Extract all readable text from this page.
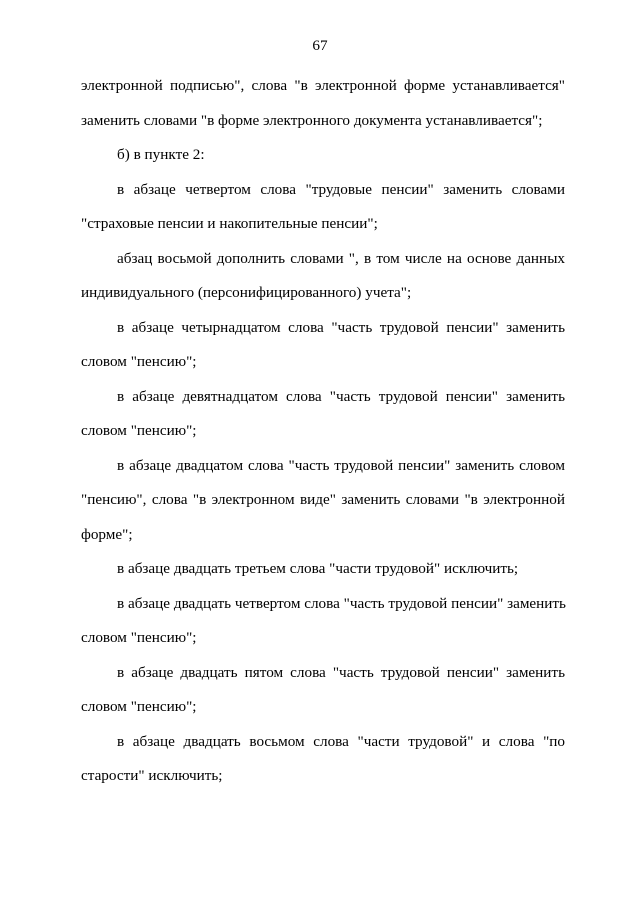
67
электронной подписью", слова "в электронной форме устанавливается"
заменить словами "в форме электронного документа устанавливается";
б) в пункте 2:
в абзаце четвертом слова "трудовые пенсии" заменить словами
"страховые пенсии и накопительные пенсии";
абзац восьмой дополнить словами ", в том числе на основе данных
индивидуального (персонифицированного) учета";
в абзаце четырнадцатом слова "часть трудовой пенсии" заменить
словом "пенсию";
в абзаце девятнадцатом слова "часть трудовой пенсии" заменить
словом "пенсию";
в абзаце двадцатом слова "часть трудовой пенсии" заменить словом
"пенсию", слова "в электронном виде" заменить словами "в электронной
форме";
в абзаце двадцать третьем слова "части трудовой" исключить;
в абзаце двадцать четвертом слова "часть трудовой пенсии" заменить
словом "пенсию";
в абзаце двадцать пятом слова "часть трудовой пенсии" заменить
словом "пенсию";
в абзаце двадцать восьмом слова "части трудовой" и слова "по
старости" исключить;
